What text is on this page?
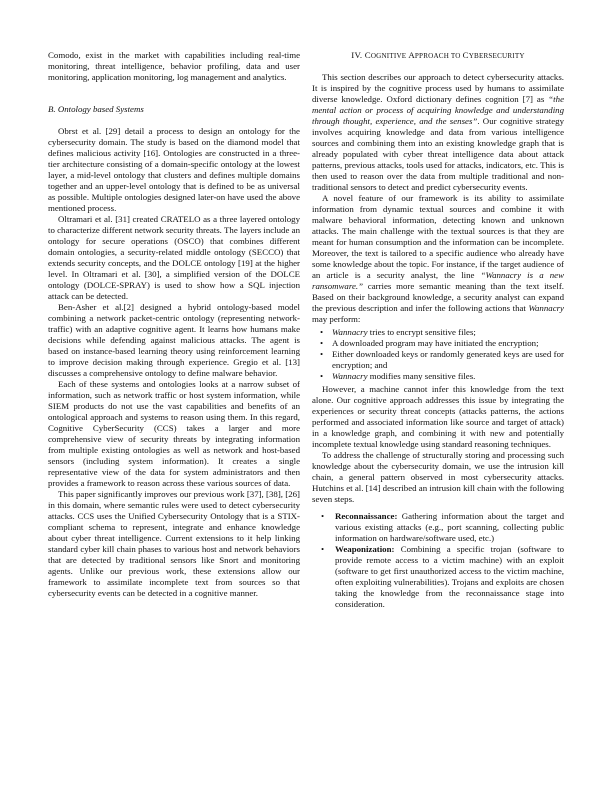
Comodo, exist in the market with capabilities including real-time monitoring, threat intelligence, behavior profiling, data and user monitoring, application monitoring, log management and analytics.

B. Ontology based Systems

Obrst et al. [29] detail a process to design an ontology for the cybersecurity domain. The study is based on the diamond model that defines malicious activity [16]. Ontologies are constructed in a three-tier architecture consisting of a domain-specific ontology at the lowest layer, a mid-level ontology that clusters and defines multiple domains together and an upper-level ontology that is defined to be as universal as possible. Multiple ontologies designed later-on have used the above mentioned process.

Oltramari et al. [31] created CRATELO as a three layered ontology to characterize different network security threats. The layers include an ontology for secure operations (OSCO) that combines different domain ontologies, a security-related middle ontology (SECCO) that extends security concepts, and the DOLCE ontology [19] at the higher level. In Oltramari et al. [30], a simplified version of the DOLCE ontology (DOLCE-SPRAY) is used to show how a SQL injection attack can be detected.

Ben-Asher et al.[2] designed a hybrid ontology-based model combining a network packet-centric ontology (representing network-traffic) with an adaptive cognitive agent. It learns how humans make decisions while defending against malicious attacks. The agent is based on instance-based learning theory using reinforcement learning to improve decision making through experience. Gregio et al. [13] discusses a comprehensive ontology to define malware behavior.

Each of these systems and ontologies looks at a narrow subset of information, such as network traffic or host system information, while SIEM products do not use the vast capabilities and benefits of an ontological approach and systems to reason using them. In this regard, Cognitive CyberSecurity (CCS) takes a larger and more comprehensive view of security threats by integrating information from multiple existing ontologies as well as network and host-based sensors (including system information). It creates a single representative view of the data for system administrators and then provides a framework to reason across these various sources of data.

This paper significantly improves our previous work [37], [38], [26] in this domain, where semantic rules were used to detect cybersecurity attacks. CCS uses the Unified Cybersecurity Ontology that is a STIX-compliant schema to represent, integrate and enhance knowledge about cyber threat intelligence. Current extensions to it help linking standard cyber kill chain phases to various host and network behaviors that are detected by traditional sensors like Snort and monitoring agents. Unlike our previous work, these extensions allow our framework to assimilate incomplete text from sources so that cybersecurity events can be detected in a cognitive manner.

IV. COGNITIVE APPROACH TO CYBERSECURITY

This section describes our approach to detect cybersecurity attacks. It is inspired by the cognitive process used by humans to assimilate diverse knowledge. Oxford dictionary defines cognition [7] as “the mental action or process of acquiring knowledge and understanding through thought, experience, and the senses”. Our cognitive strategy involves acquiring knowledge and data from various intelligence sources and combining them into an existing knowledge graph that is already populated with cyber threat intelligence data about attack patterns, previous attacks, tools used for attacks, indicators, etc. This is then used to reason over the data from multiple traditional and non-traditional sensors to detect and predict cybersecurity events.

A novel feature of our framework is its ability to assimilate information from dynamic textual sources and combine it with malware behavioral information, detecting known and unknown attacks. The main challenge with the textual sources is that they are meant for human consumption and the information can be incomplete. Moreover, the text is tailored to a specific audience who already have some knowledge about the topic. For instance, if the target audience of an article is a security analyst, the line “Wannacry is a new ransomware.” carries more semantic meaning than the text itself. Based on their background knowledge, a security analyst can expand the previous description and infer the following actions that Wannacry may perform:

• Wannacry tries to encrypt sensitive files;
• A downloaded program may have initiated the encryption;
• Either downloaded keys or randomly generated keys are used for encryption; and
• Wannacry modifies many sensitive files.

However, a machine cannot infer this knowledge from the text alone. Our cognitive approach addresses this issue by integrating the experiences or security threat concepts (attacks patterns, the actions performed and associated information like source and target of attack) in a knowledge graph, and combining it with new and potentially incomplete textual knowledge using standard reasoning techniques.

To address the challenge of structurally storing and processing such knowledge about the cybersecurity domain, we use the intrusion kill chain, a general pattern observed in most cybersecurity attacks. Hutchins et al. [14] described an intrusion kill chain with the following seven steps.

• Reconnaissance: Gathering information about the target and various existing attacks (e.g., port scanning, collecting public information on hardware/software used, etc.)
• Weaponization: Combining a specific trojan (software to provide remote access to a victim machine) with an exploit (software to get first unauthorized access to the victim machine, often exploiting vulnerabilities). Trojans and exploits are chosen taking the knowledge from the reconnaissance stage into consideration.
